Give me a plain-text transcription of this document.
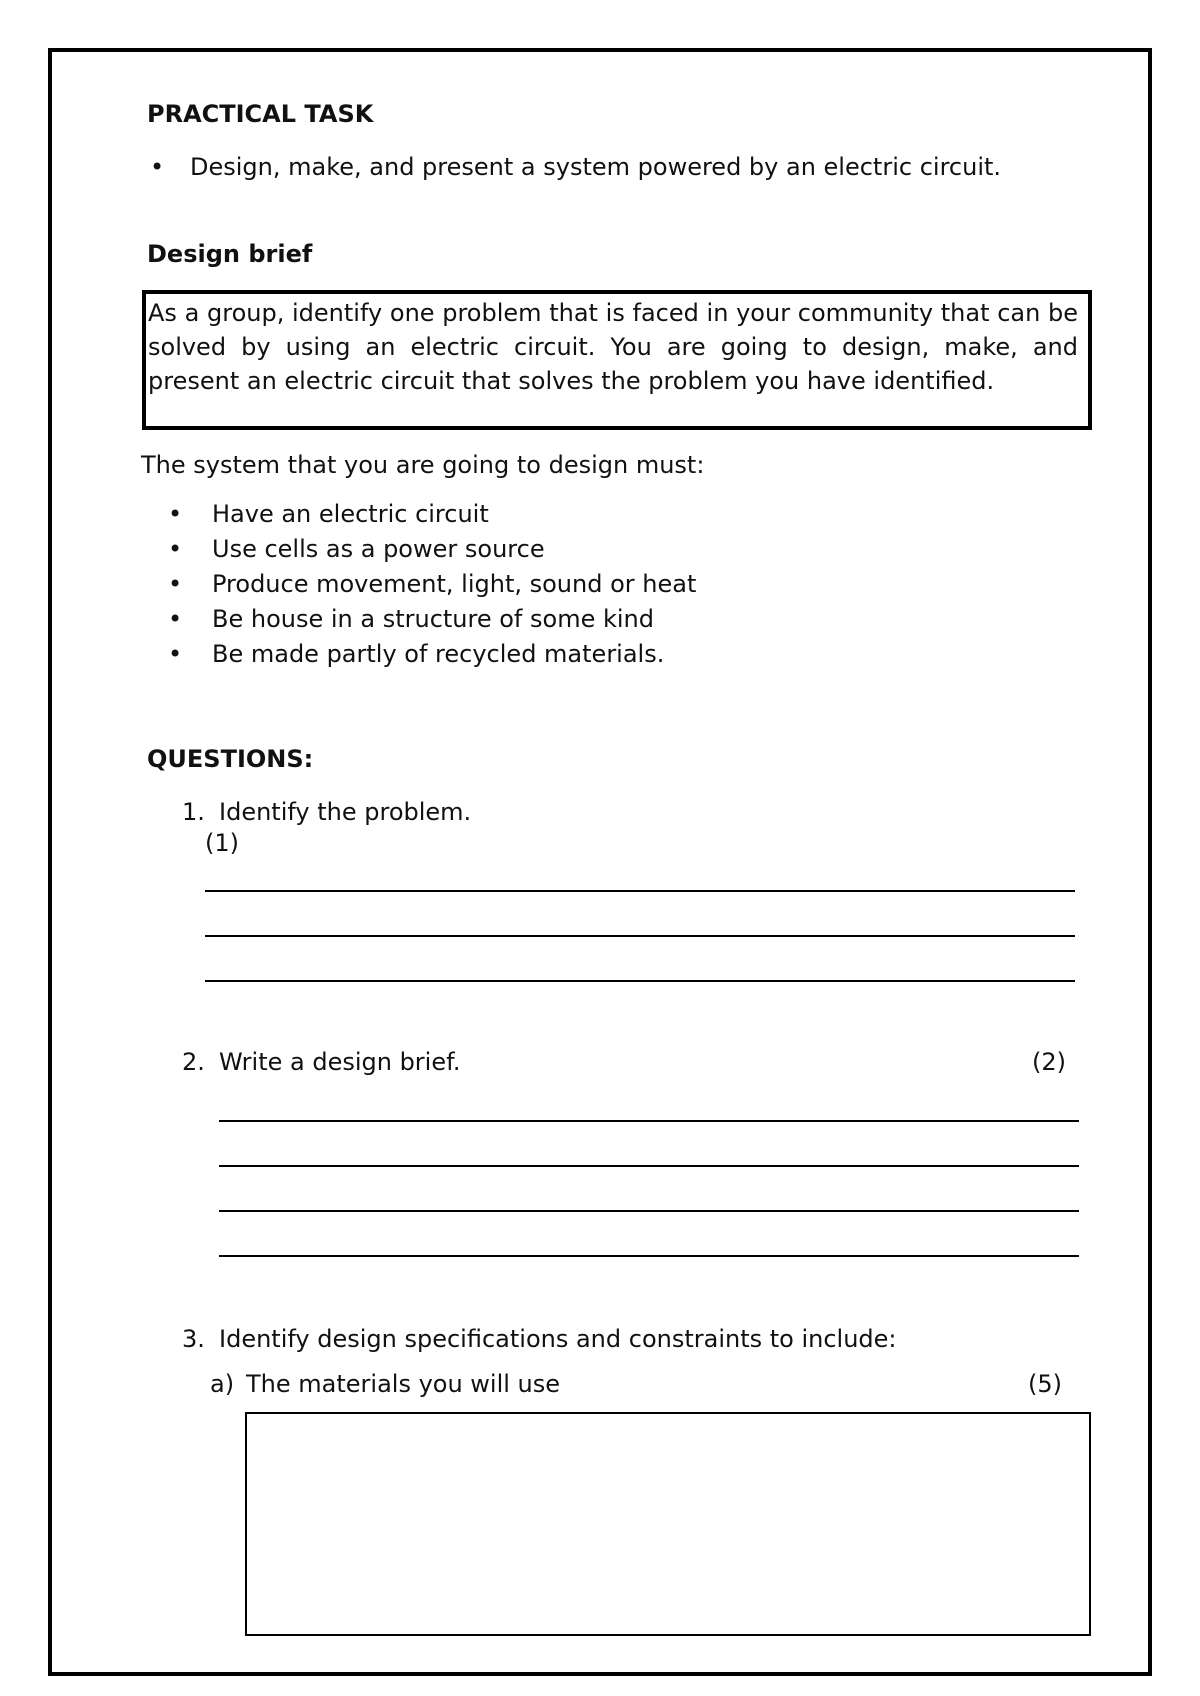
PRACTICAL TASK
•	Design, make, and present a system powered by an electric circuit.
Design brief
As a group, identify one problem that is faced in your community that can be solved by using an electric circuit. You are going to design, make, and present an electric circuit that solves the problem you have identified.
The system that you are going to design must:
•	Have an electric circuit
•	Use cells as a power source
•	Produce movement, light, sound or heat
•	Be house in a structure of some kind
•	Be made partly of recycled materials.
QUESTIONS:
1. Identify the problem.
(1)
2. Write a design brief.	(2)
3. Identify design specifications and constraints to include:
a) The materials you will use	(5)
